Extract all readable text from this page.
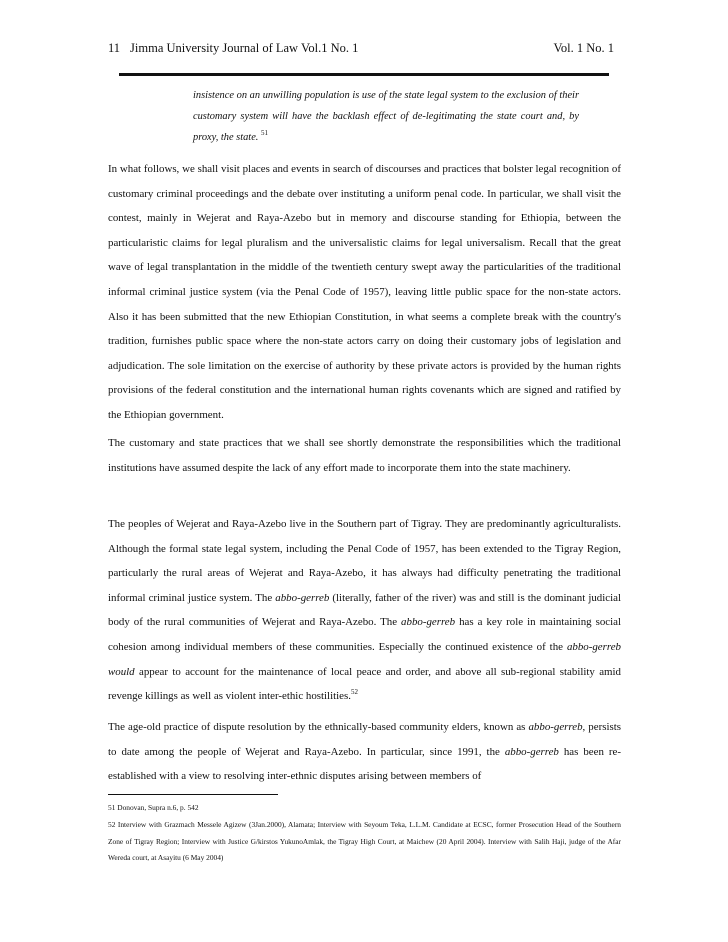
11 Jimma University Journal of Law Vol.1 No. 1	Vol. 1 No. 1
insistence on an unwilling population is use of the state legal system to the exclusion of their customary system will have the backlash effect of de-legitimating the state court and, by proxy, the state. $^{51}$
In what follows, we shall visit places and events in search of discourses and practices that bolster legal recognition of customary criminal proceedings and the debate over instituting a uniform penal code. In particular, we shall visit the contest, mainly in Wejerat and Raya-Azebo but in memory and discourse standing for Ethiopia, between the particularistic claims for legal pluralism and the universalistic claims for legal universalism. Recall that the great wave of legal transplantation in the middle of the twentieth century swept away the particularities of the traditional informal criminal justice system (via the Penal Code of 1957), leaving little public space for the non-state actors. Also it has been submitted that the new Ethiopian Constitution, in what seems a complete break with the country's tradition, furnishes public space where the non-state actors carry on doing their customary jobs of legislation and adjudication. The sole limitation on the exercise of authority by these private actors is provided by the human rights provisions of the federal constitution and the international human rights covenants which are signed and ratified by the Ethiopian government.
The customary and state practices that we shall see shortly demonstrate the responsibilities which the traditional institutions have assumed despite the lack of any effort made to incorporate them into the state machinery.
The peoples of Wejerat and Raya-Azebo live in the Southern part of Tigray. They are predominantly agriculturalists. Although the formal state legal system, including the Penal Code of 1957, has been extended to the Tigray Region, particularly the rural areas of Wejerat and Raya-Azebo, it has always had difficulty penetrating the traditional informal criminal justice system. The abbo-gerreb (literally, father of the river) was and still is the dominant judicial body of the rural communities of Wejerat and Raya-Azebo. The abbo-gerreb has a key role in maintaining social cohesion among individual members of these communities. Especially the continued existence of the abbo-gerreb would appear to account for the maintenance of local peace and order, and above all sub-regional stability amid revenge killings as well as violent inter-ethic hostilities.$^{52}$
The age-old practice of dispute resolution by the ethnically-based community elders, known as abbo-gerreb, persists to date among the people of Wejerat and Raya-Azebo. In particular, since 1991, the abbo-gerreb has been re-established with a view to resolving inter-ethnic disputes arising between members of
51 Donovan, Supra n.6, p. 542
52 Interview with Grazmach Messele Agizew (3Jan.2000), Alamata; Interview with Seyoum Teka, L.L.M. Candidate at ECSC, former Prosecution Head of the Southern Zone of Tigray Region; Interview with Justice G/kirstos YukunoAmlak, the Tigray High Court, at Maichew (20 April 2004). Interview with Salih Haji, judge of the Afar Wereda court, at Asayitu (6 May 2004)
